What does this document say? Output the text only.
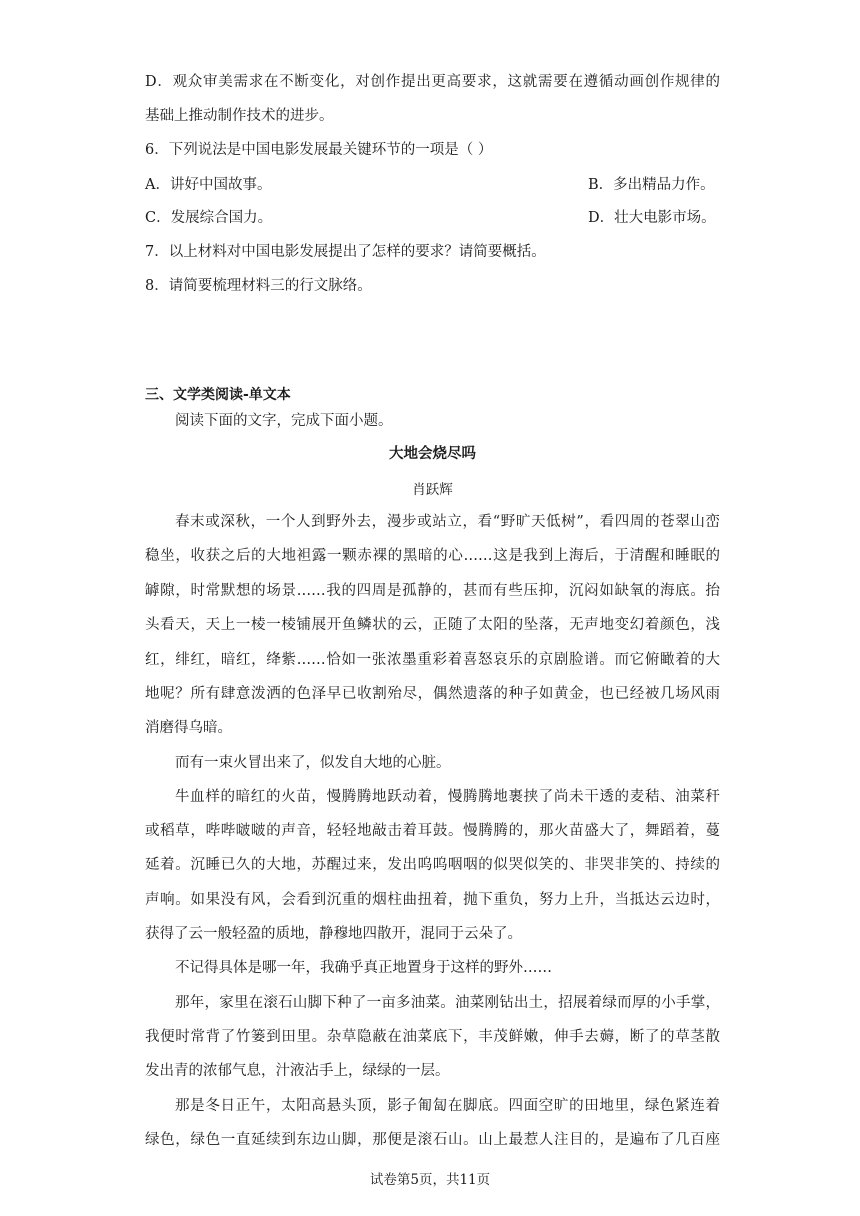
D．观众审美需求在不断变化，对创作提出更高要求，这就需要在遵循动画创作规律的
基础上推动制作技术的进步。
6．下列说法是中国电影发展最关键环节的一项是（ ）
A．讲好中国故事。	B．多出精品力作。
C．发展综合国力。	D．壮大电影市场。
7．以上材料对中国电影发展提出了怎样的要求？请简要概括。
8．请简要梳理材料三的行文脉络。
三、文学类阅读-单文本
阅读下面的文字，完成下面小题。
大地会烧尽吗
肖跃辉
春末或深秋，一个人到野外去，漫步或站立，看“野旷天低树”，看四周的苍翠山峦
稳坐，收获之后的大地袒露一颗赤裸的黑暗的心……这是我到上海后，于清醒和睡眠的
罅隙，时常默想的场景……我的四周是孤静的，甚而有些压抑，沉闷如缺氧的海底。抬
头看天，天上一棱一棱铺展开鱼鳞状的云，正随了太阳的坠落，无声地变幻着颜色，浅
红，绯红，暗红，绛紫……恰如一张浓墨重彩着喜怒哀乐的京剧脸谱。而它俯瞰着的大
地呢？所有肆意泼洒的色泽早已收割殆尽，偶然遗落的种子如黄金，也已经被几场风雨
消磨得乌暗。
而有一束火冒出来了，似发自大地的心脏。
牛血样的暗红的火苗，慢腾腾地跃动着，慢腾腾地裹挟了尚未干透的麦秸、油菜秆
或稻草，哔哔啵啵的声音，轻轻地敲击着耳鼓。慢腾腾的，那火苗盛大了，舞蹈着，蔓
延着。沉睡已久的大地，苏醒过来，发出呜呜咽咽的似哭似笑的、非哭非笑的、持续的
声响。如果没有风，会看到沉重的烟柱曲扭着，抛下重负，努力上升，当抵达云边时，
获得了云一般轻盈的质地，静穆地四散开，混同于云朵了。
不记得具体是哪一年，我确乎真正地置身于这样的野外……
那年，家里在滚石山脚下种了一亩多油菜。油菜刚钻出土，招展着绿而厚的小手掌，
我便时常背了竹篓到田里。杂草隐蔽在油菜底下，丰茂鲜嫩，伸手去薅，断了的草茎散
发出青的浓郁气息，汁液沾手上，绿绿的一层。
那是冬日正午，太阳高悬头顶，影子匍匐在脚底。四面空旷的田地里，绿色紧连着
绿色，绿色一直延续到东边山脚，那便是滚石山。山上最惹人注目的，是遍布了几百座
试卷第5页，共11页
